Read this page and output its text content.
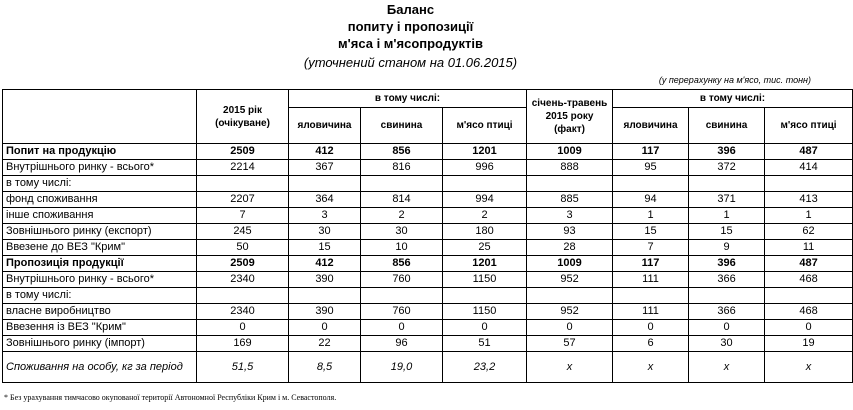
Баланс
попиту і пропозиції
м'яса і м'ясопродуктів
(уточнений станом на 01.06.2015)
(у перерахунку на м'ясо, тис. тонн)
	2015 рік (очікуване)	в тому числі:			січень-травень 2015 року (факт)	в тому числі:		
		яловичина	свинина	м'ясо птиці		яловичина	свинина	м'ясо птиці
Попит на продукцію	2509	412	856	1201	1009	117	396	487
Внутрішнього ринку - всього*	2214	367	816	996	888	95	372	414
в тому числі:								
фонд споживання	2207	364	814	994	885	94	371	413
інше споживання	7	3	2	2	3	1	1	1
Зовнішнього ринку (експорт)	245	30	30	180	93	15	15	62
Ввезене до ВЕЗ "Крим"	50	15	10	25	28	7	9	11
Пропозиція продукції	2509	412	856	1201	1009	117	396	487
Внутрішнього ринку - всього*	2340	390	760	1150	952	111	366	468
в тому числі:								
власне виробництво	2340	390	760	1150	952	111	366	468
Ввезення із ВЕЗ "Крим"	0	0	0	0	0	0	0	0
Зовнішнього ринку (імпорт)	169	22	96	51	57	6	30	19
Споживання на особу, кг за період	51,5	8,5	19,0	23,2	x	x	x	x
* Без урахування тимчасово окупованої території Автономної Республіки Крим і м. Севастополя.
